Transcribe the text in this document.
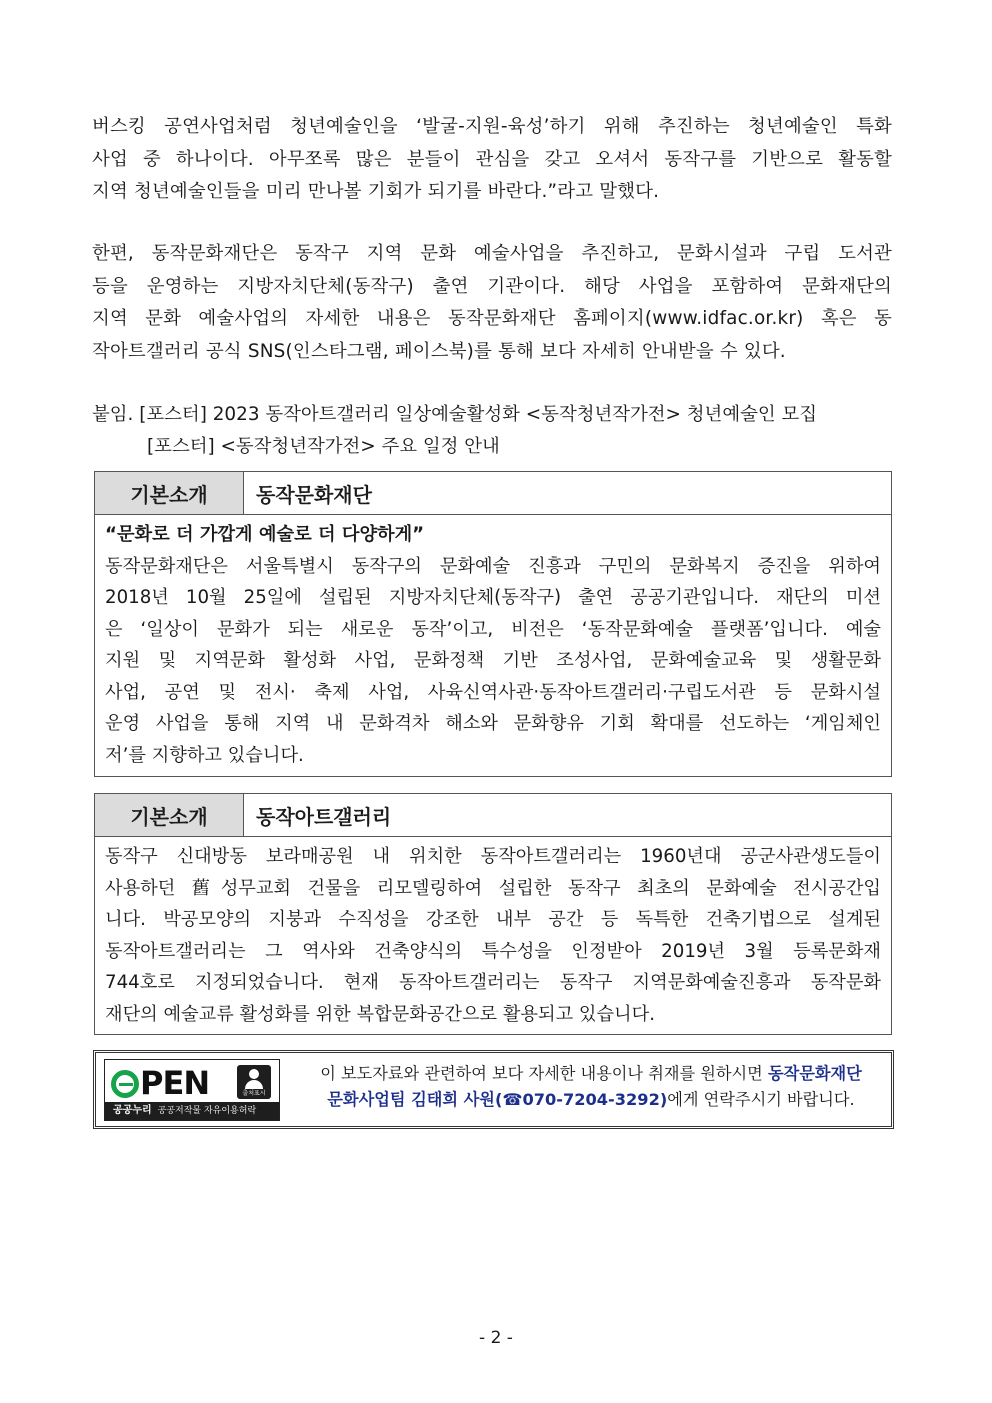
버스킹 공연사업처럼 청년예술인을 ‘발굴-지원-육성’하기 위해 추진하는 청년예술인 특화
사업 중 하나이다. 아무쪼록 많은 분들이 관심을 갖고 오셔서 동작구를 기반으로 활동할
지역 청년예술인들을 미리 만나볼 기회가 되기를 바란다.”라고 말했다.
한편, 동작문화재단은 동작구 지역 문화 예술사업을 추진하고, 문화시설과 구립 도서관
등을 운영하는 지방자치단체(동작구) 출연 기관이다. 해당 사업을 포함하여 문화재단의
지역 문화 예술사업의 자세한 내용은 동작문화재단 홈페이지(www.idfac.or.kr) 혹은 동
작아트갤러리 공식 SNS(인스타그램, 페이스북)를 통해 보다 자세히 안내받을 수 있다.
붙임. [포스터] 2023 동작아트갤러리 일상예술활성화 <동작청년작가전> 청년예술인 모집
[포스터] <동작청년작가전> 주요 일정 안내
기본소개	동작문화재단
“문화로 더 가깝게 예술로 더 다양하게”
동작문화재단은 서울특별시 동작구의 문화예술 진흥과 구민의 문화복지 증진을 위하여
2018년 10월 25일에 설립된 지방자치단체(동작구) 출연 공공기관입니다. 재단의 미션
은 ‘일상이 문화가 되는 새로운 동작’이고, 비전은 ‘동작문화예술 플랫폼’입니다. 예술
지원 및 지역문화 활성화 사업, 문화정책 기반 조성사업, 문화예술교육 및 생활문화
사업, 공연 및 전시· 축제 사업, 사육신역사관·동작아트갤러리·구립도서관 등 문화시설
운영 사업을 통해 지역 내 문화격차 해소와 문화향유 기회 확대를 선도하는 ‘게임체인
저’를 지향하고 있습니다.
기본소개	동작아트갤러리
동작구 신대방동 보라매공원 내 위치한 동작아트갤러리는 1960년대 공군사관생도들이
사용하던 舊성무교회 건물을 리모델링하여 설립한 동작구 최초의 문화예술 전시공간입
니다. 박공모양의 지붕과 수직성을 강조한 내부 공간 등 독특한 건축기법으로 설계된
동작아트갤러리는 그 역사와 건축양식의 특수성을 인정받아 2019년 3월 등록문화재
744호로 지정되었습니다. 현재 동작아트갤러리는 동작구 지역문화예술진흥과 동작문화
재단의 예술교류 활성화를 위한 복합문화공간으로 활용되고 있습니다.
PEN	출처표시
공공누리 공공저작물 자유이용허락
이 보도자료와 관련하여 보다 자세한 내용이나 취재를 원하시면 동작문화재단
문화사업팀 김태희 사원(☎070-7204-3292)에게 연락주시기 바랍니다.
- 2 -
